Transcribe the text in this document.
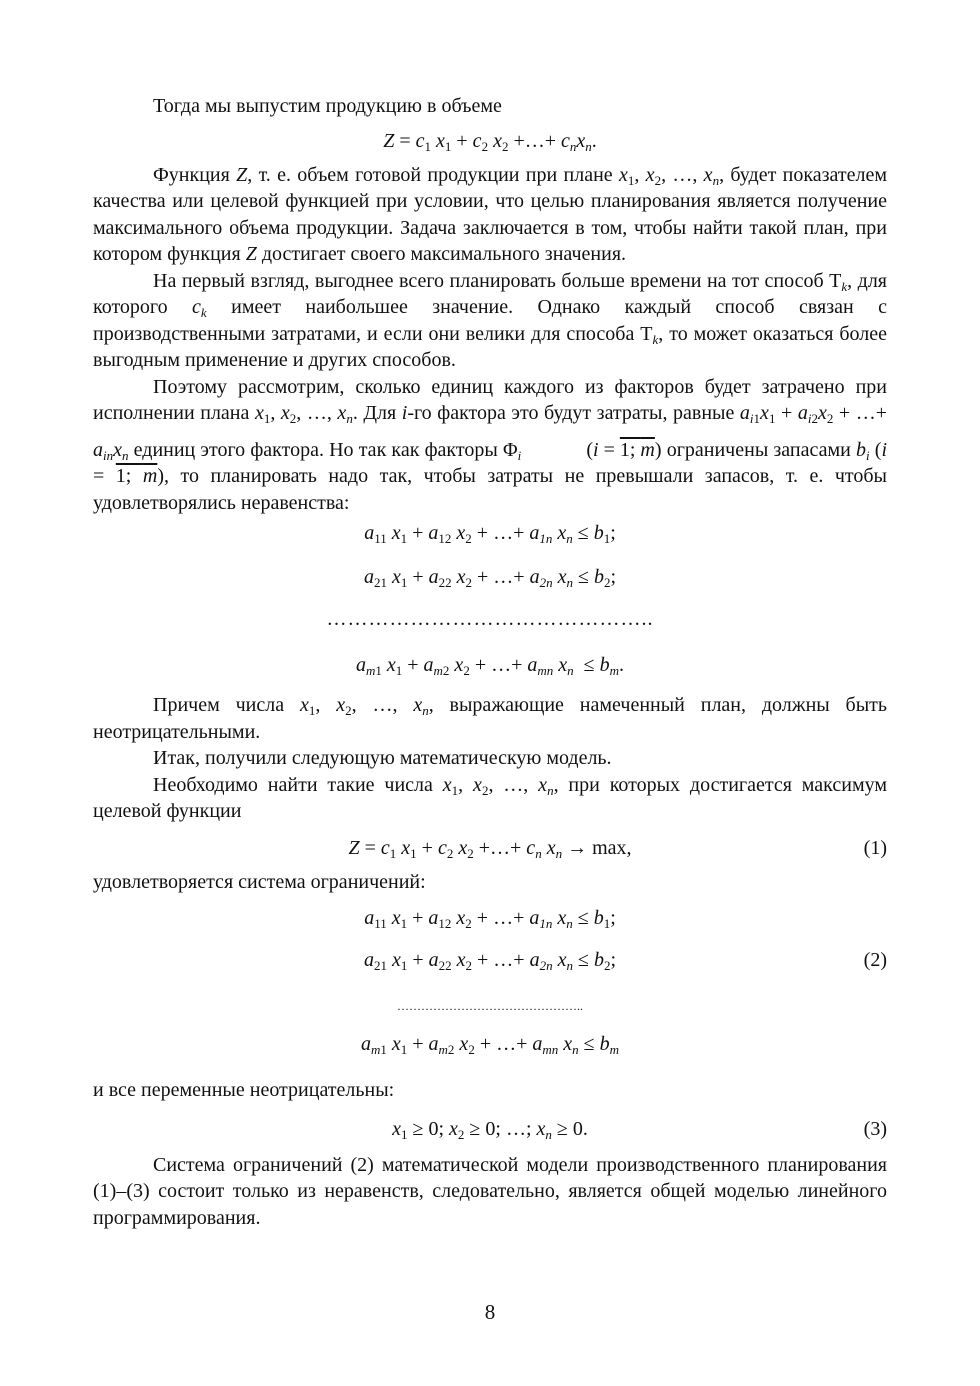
Тогда мы выпустим продукцию в объеме

$Z = c_1$ $x_1 + c_2$ $x_2$ +…+ $c_nx_n$.

Функция Z, т. е. объем готовой продукции при плане $x_1$, $x_2$, …, $x_n$, будет показателем качества или целевой функцией при условии, что целью планирования является получение максимального объема продукции. Задача заключается в том, чтобы найти такой план, при котором функция Z достигает своего максимального значения.

На первый взгляд, выгоднее всего планировать больше времени на тот способ $T_k$, для которого $c_k$ имеет наибольшее значение. Однако каждый способ связан с производственными затратами, и если они велики для способа $T_k$, то может оказаться более выгодным применение и других способов.

Поэтому рассмотрим, сколько единиц каждого из факторов будет затрачено при исполнении плана $x_1$, $x_2$, …, $x_n$. Для i-го фактора это будут затраты, равные $a_{i1}x_1 + a_{i2}x_2$ + …+ $a_{in}x_n$ единиц этого фактора. Но так как факторы $\Phi_i$	(i = 1; m) ограничены запасами $b_i$ (i = 1; m), то планировать надо так, чтобы затраты не превышали запасов, т. е. чтобы удовлетворялись неравенства:

$a_{11}$ $x_1 + a_{12}$ $x_2$ + …+ $a_{1n}$ $x_n \le b_1$;

$a_{21}$ $x_1 + a_{22}$ $x_2$ + …+ $a_{2n}$ $x_n \le b_2$;

………………………………………..

$a_{m1}$ $x_1 + a_{m2}$ $x_2$ + …+ $a_{mn}$ $x_n \le b_m$.

Причем числа $x_1$, $x_2$, …, $x_n$, выражающие намеченный план, должны быть неотрицательными.

Итак, получили следующую математическую модель.

Необходимо найти такие числа $x_1$, $x_2$, …, $x_n$, при которых достигается максимум целевой функции

$Z = c_1$ $x_1 + c_2$ $x_2$ +…+ $c_n$ $x_n \to \max$,	(1)

удовлетворяется система ограничений:

$a_{11}$ $x_1 + a_{12}$ $x_2$ + …+ $a_{1n}$ $x_n \le b_1$;

$a_{21}$ $x_1 + a_{22}$ $x_2$ + …+ $a_{2n}$ $x_n \le b_2$;	(2)

………………………………………..

$a_{m1}$ $x_1 + a_{m2}$ $x_2$ + …+ $a_{mn}$ $x_n \le b_m$

и все переменные неотрицательны:

$x_1 \ge 0$; $x_2 \ge 0$; …; $x_n \ge 0$.	(3)

Система ограничений (2) математической модели производственного планирования (1)–(3) состоит только из неравенств, следовательно, является общей моделью линейного программирования.

8
